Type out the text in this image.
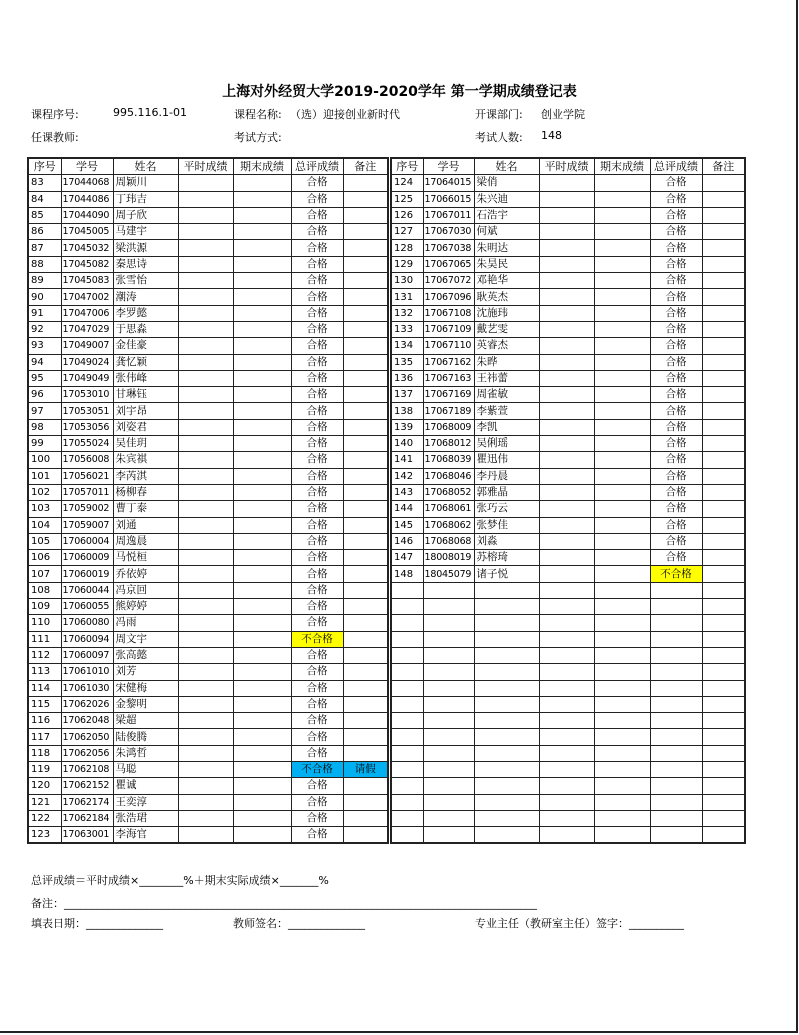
上海对外经贸大学2019-2020学年 第一学期成绩登记表
课程序号:	995.116.1-01	课程名称: （选）迎接创业新时代	开课部门: 创业学院
任课教师:	考试方式:	考试人数: 148
序号	学号	姓名	平时成绩	期末成绩	总评成绩	备注
83	17044068	周颖川			合格	
84	17044086	丁玮吉			合格	
85	17044090	周子欣			合格	
86	17045005	马建宇			合格	
87	17045032	梁洪源			合格	
88	17045082	秦思诗			合格	
89	17045083	张雪怡			合格	
90	17047002	潮涛			合格	
91	17047006	李罗懿			合格	
92	17047029	于思淼			合格	
93	17049007	金佳豪			合格	
94	17049024	龚忆颖			合格	
95	17049049	张伟峰			合格	
96	17053010	甘琳钰			合格	
97	17053051	刘宇昂			合格	
98	17053056	刘姿君			合格	
99	17055024	吴佳玥			合格	
100	17056008	朱宾祺			合格	
101	17056021	李芮淇			合格	
102	17057011	杨柳春			合格	
103	17059002	曹丁泰			合格	
104	17059007	刘通			合格	
105	17060004	周逸晨			合格	
106	17060009	马悦桓			合格	
107	17060019	乔依婷			合格	
108	17060044	冯京回			合格	
109	17060055	熊婷婷			合格	
110	17060080	冯雨			合格	
111	17060094	周文宇			不合格	
112	17060097	张高懿			合格	
113	17061010	刘芳			合格	
114	17061030	宋健梅			合格	
115	17062026	金黎明			合格	
116	17062048	梁超			合格	
117	17062050	陆俊腾			合格	
118	17062056	朱鸿哲			合格	
119	17062108	马聪			不合格	请假
120	17062152	瞿诚			合格	
121	17062174	王奕淳			合格	
122	17062184	张浩珺			合格	
123	17063001	李海官			合格	
序号	学号	姓名	平时成绩	期末成绩	总评成绩	备注
124	17064015	梁俏			合格	
125	17066015	朱兴迪			合格	
126	17067011	石浩宇			合格	
127	17067030	何斌			合格	
128	17067038	朱明达			合格	
129	17067065	朱昊民			合格	
130	17067072	邓艳华			合格	
131	17067096	耿英杰			合格	
132	17067108	沈施玮			合格	
133	17067109	戴艺雯			合格	
134	17067110	英睿杰			合格	
135	17067162	朱晔			合格	
136	17067163	王祎蕾			合格	
137	17067169	周雀敏			合格	
138	17067189	李紫萱			合格	
139	17068009	李凯			合格	
140	17068012	吴俐瑶			合格	
141	17068039	瞿迅伟			合格	
142	17068046	李丹晨			合格	
143	17068052	郭雅晶			合格	
144	17068061	张巧云			合格	
145	17068062	张梦佳			合格	
146	17068068	刘淼			合格	
147	18008019	苏榕琦			合格	
148	18045079	诸子悦			不合格	

总评成绩＝平时成绩×________%＋期末实际成绩×_______%
备注：______________________________________________________________________________________
填表日期：______________	教师签名：______________	专业主任（教研室主任）签字：__________
